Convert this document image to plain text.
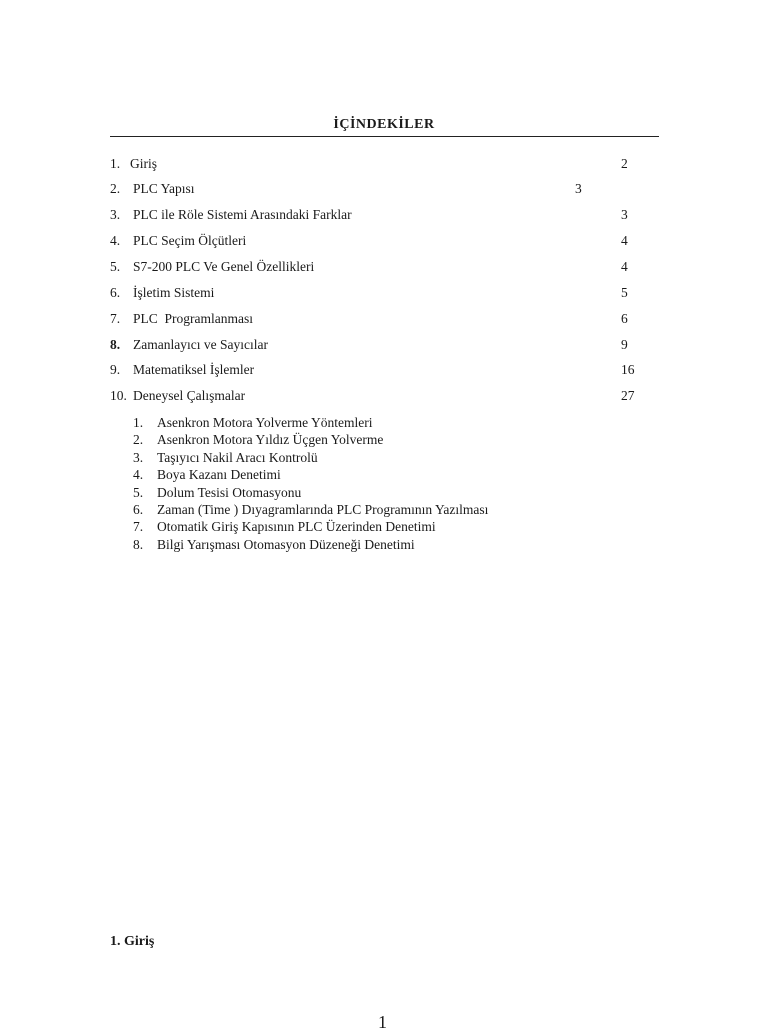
İÇİNDEKİLER
1. Giriş	2
2. PLC Yapısı	3
3. PLC ile Röle Sistemi Arasındaki Farklar	3
4. PLC Seçim Ölçütleri	4
5. S7-200 PLC Ve Genel Özellikleri	4
6. İşletim Sistemi	5
7. PLC  Programlanması	6
8. Zamanlayıcı ve Sayıcılar	9
9. Matematiksel İşlemler	16
10. Deneysel Çalışmalar	27
1. Asenkron Motora Yolverme Yöntemleri
2. Asenkron Motora Yıldız Üçgen Yolverme
3. Taşıyıcı Nakil Aracı Kontrolü
4. Boya Kazanı Denetimi
5. Dolum Tesisi Otomasyonu
6. Zaman (Time ) Dıyagramlarında PLC Programının Yazılması
7. Otomatik Giriş Kapısının PLC Üzerinden Denetimi
8. Bilgi Yarışması Otomasyon Düzeneği Denetimi
1. Giriş
1
